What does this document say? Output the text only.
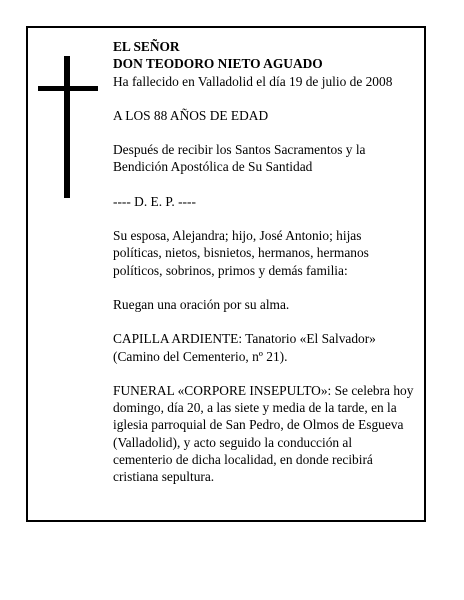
EL SEÑOR

DON TEODORO NIETO AGUADO

Ha fallecido en Valladolid el día 19 de julio de 2008

A LOS 88 AÑOS DE EDAD

Después de recibir los Santos Sacramentos y la

Bendición Apostólica de Su Santidad

---- D. E. P. ----

Su esposa, Alejandra; hijo, José Antonio; hijas

políticas, nietos, bisnietos, hermanos, hermanos

políticos, sobrinos, primos y demás familia:

Ruegan una oración por su alma.

CAPILLA ARDIENTE: Tanatorio «El Salvador»

(Camino del Cementerio, nº 21).

FUNERAL «CORPORE INSEPULTO»: Se celebra hoy

domingo, día 20, a las siete y media de la tarde, en la

iglesia parroquial de San Pedro, de Olmos de Esgueva

(Valladolid), y acto seguido la conducción al

cementerio de dicha localidad, en donde recibirá

cristiana sepultura.
